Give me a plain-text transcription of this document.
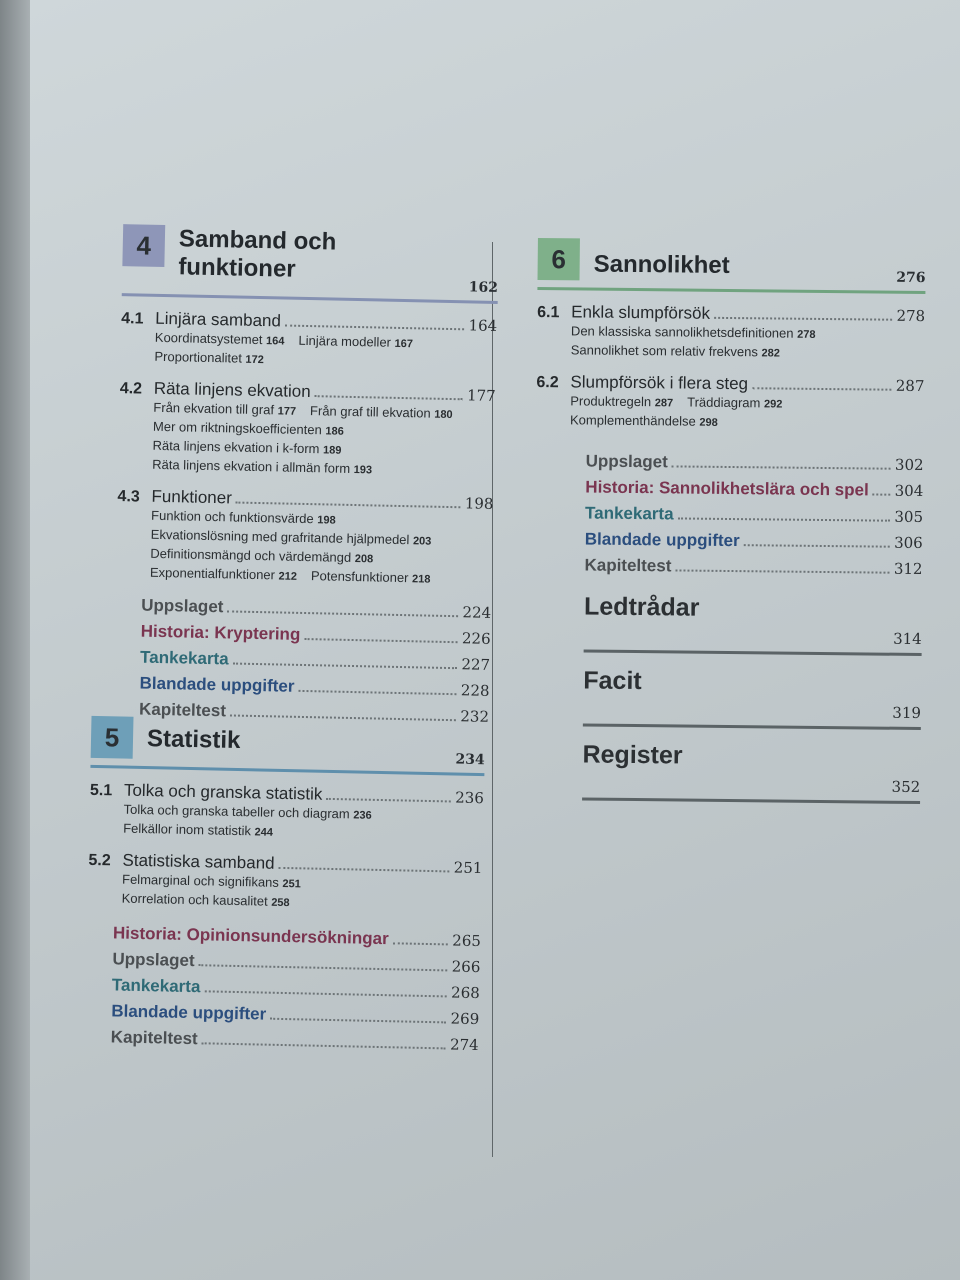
4	Samband och
funktioner
162
4.1 Linjära samband	164
Koordinatsystemet 164 Linjära modeller 167
Proportionalitet 172
4.2 Räta linjens ekvation	177
Från ekvation till graf 177 Från graf till ekvation 180
Mer om riktningskoefficienten 186
Räta linjens ekvation i k-form 189
Räta linjens ekvation i allmän form 193
4.3 Funktioner	198
Funktion och funktionsvärde 198
Ekvationslösning med grafritande hjälpmedel 203
Definitionsmängd och värdemängd 208
Exponentialfunktioner 212 Potensfunktioner 218
Uppslaget	224
Historia: Kryptering	226
Tankekarta	227
Blandade uppgifter	228
Kapiteltest	232
5	Statistik
234
5.1 Tolka och granska statistik	236
Tolka och granska tabeller och diagram 236
Felkällor inom statistik 244
5.2 Statistiska samband	251
Felmarginal och signifikans 251
Korrelation och kausalitet 258
Historia: Opinionsundersökningar	265
Uppslaget	266
Tankekarta	268
Blandade uppgifter	269
Kapiteltest	274
6	Sannolikhet	276
6.1 Enkla slumpförsök	278
Den klassiska sannolikhetsdefinitionen 278
Sannolikhet som relativ frekvens 282
6.2 Slumpförsök i flera steg	287
Produktregeln 287 Träddiagram 292
Komplementhändelse 298
Uppslaget	302
Historia: Sannolikhetslära och spel 304
Tankekarta	305
Blandade uppgifter	306
Kapiteltest	312
Ledtrådar
314
Facit
319
Register
352
